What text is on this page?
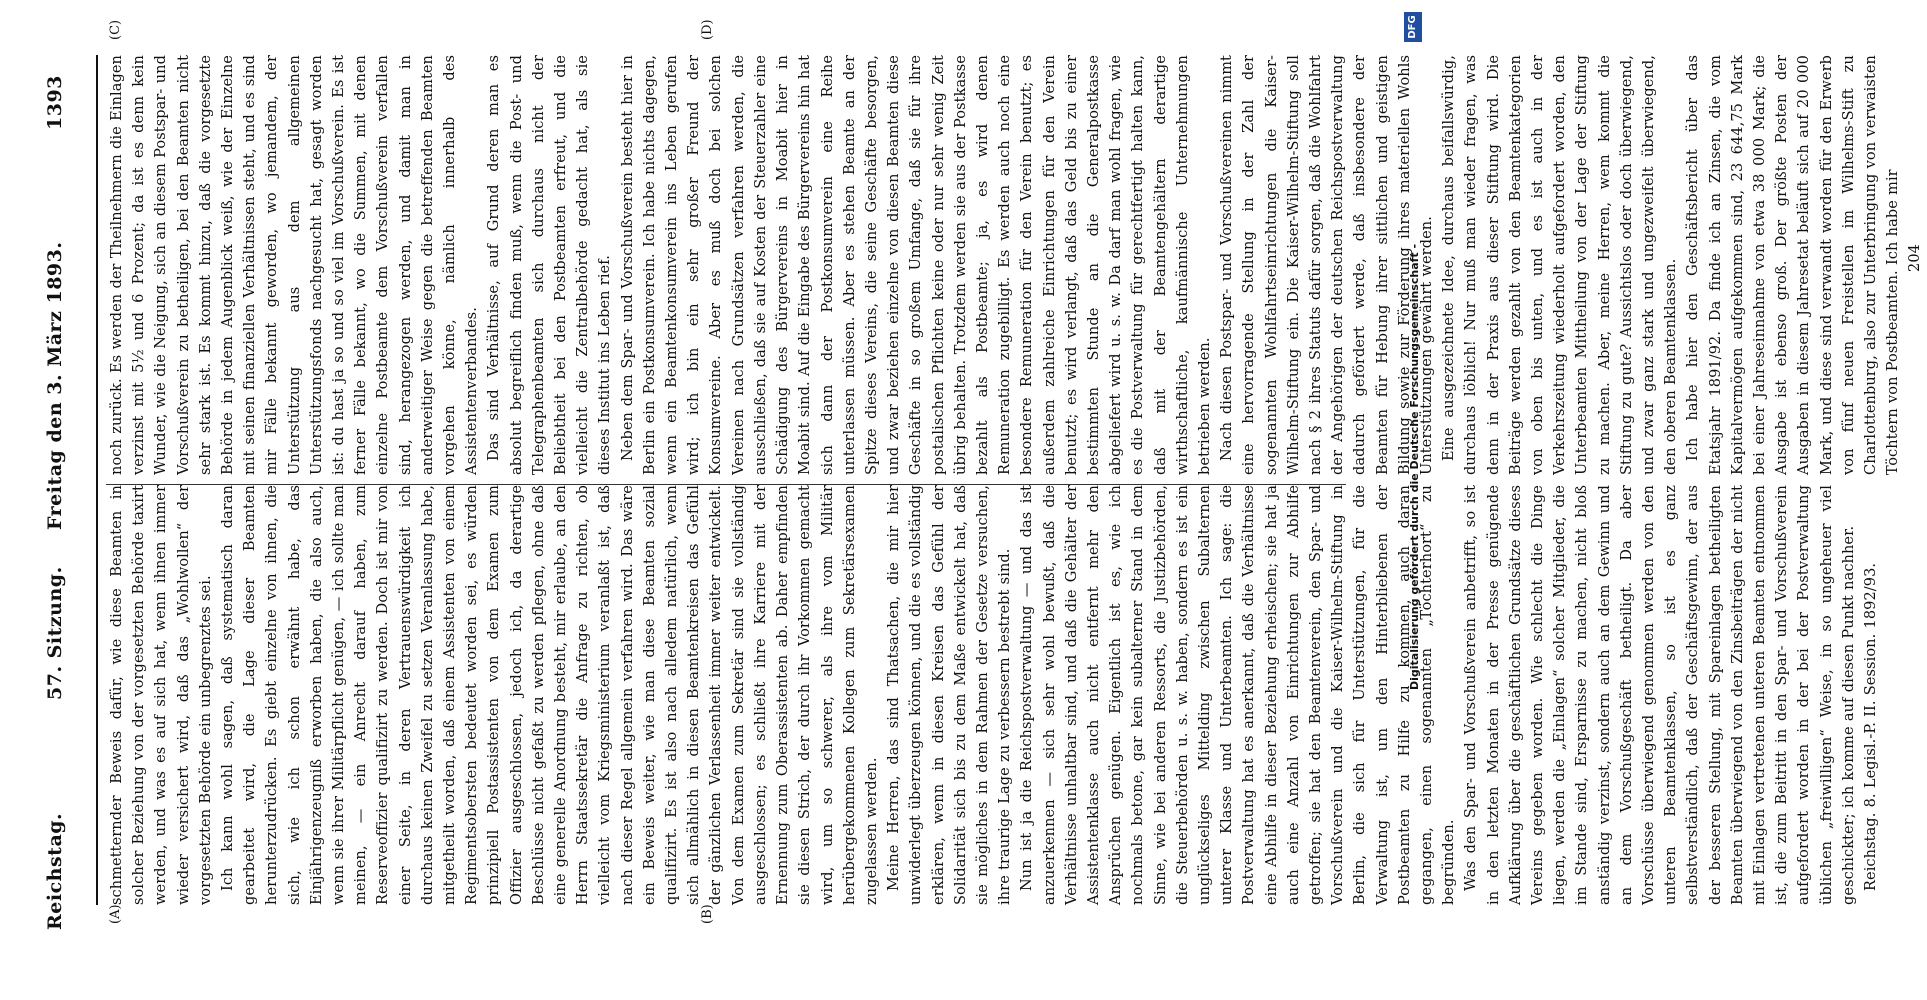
Reichstag.
57. Sitzung.
Freitag den 3. März 1893.
1393
(A)	(B)
(C)	(D)

schmetternder Beweis dafür, wie diese Beamten in solcher Beziehung von der vorgesetzten Behörde taxirt werden, und was es auf sich hat, wenn ihnen immer wieder versichert wird, daß das „Wohlwollen“ der vorgesetzten Behörde ein unbegrenztes sei. Ich kann wohl sagen, daß systematisch daran gearbeitet wird, die Lage dieser Beamten herunterzudrücken. Es giebt einzelne von ihnen, die sich, wie ich schon erwähnt habe, das Einjährigenzeugniß erworben haben, die also auch, wenn sie ihrer Militärpflicht genügen, — ich sollte man meinen, — ein Anrecht darauf haben, zum Reserveoffizier qualifizirt zu werden. Doch ist mir von einer Seite, in deren Vertrauenswürdigkeit ich durchaus keinen Zweifel zu setzen Veranlassung habe, mitgetheilt worden, daß einem Assistenten von einem Regimentsobersten bedeutet worden sei, es würden prinzipiell Postassistenten von dem Examen zum Offizier ausgeschlossen, jedoch ich, da derartige Beschlüsse nicht gefaßt zu werden pflegen, ohne daß eine generelle Anordnung besteht, mir erlaube, an den Herrn Staatssekretär die Anfrage zu richten, ob vielleicht vom Kriegsministerium veranlaßt ist, daß nach dieser Regel allgemein verfahren wird. Das wäre ein Beweis weiter, wie man diese Beamten sozial qualifizirt. Es ist also nach alledem natürlich, wenn sich allmählich in diesen Beamtenkreisen das Gefühl der gänzlichen Verlassenheit immer weiter entwickelt. Von dem Examen zum Sekretär sind sie vollständig ausgeschlossen; es schließt ihre Karriere mit der Ernennung zum Oberassistenten ab. Daher empfinden sie diesen Strich, der durch ihr Vorkommen gemacht wird, um so schwerer, als ihre vom Militär herübergekommenen Kollegen zum Sekretärsexamen zugelassen werden. Meine Herren, das sind Thatsachen, die mir hier unwiderlegt überzeugen können, und die es vollständig erklären, wenn in diesen Kreisen das Gefühl der Solidarität sich bis zu dem Maße entwickelt hat, daß sie mögliches in dem Rahmen der Gesetze versuchen, ihre traurige Lage zu verbessern bestrebt sind. Nun ist ja die Reichspostverwaltung — und das ist anzuerkennen — sich sehr wohl bewußt, daß die Verhältnisse unhaltbar sind, und daß die Gehälter der Assistentenklasse auch nicht entfernt mehr den Ansprüchen genügen. Eigentlich ist es, wie ich nochmals betone, gar kein subalterner Stand in dem Sinne, wie bei anderen Ressorts, die Justizbehörden, die Steuerbehörden u. s. w. haben, sondern es ist ein unglückseliges Mittelding zwischen Subalternen unterer Klasse und Unterbeamten. Ich sage: die Postverwaltung hat es anerkannt, daß die Verhältnisse eine Abhilfe in dieser Beziehung erheischen; sie hat ja auch eine Anzahl von Einrichtungen zur Abhilfe getroffen; sie hat den Beamtenverein, den Spar- und Vorschußverein und die Kaiser-Wilhelm-Stiftung in Berlin, die sich für Unterstützungen, für die Verwaltung ist, um den Hinterbliebenen der Postbeamten zu Hilfe zu kommen, auch daran gegangen, einen sogenannten „Töchterhort“ zu begründen. Was den Spar- und Vorschußverein anbetrifft, so ist in den letzten Monaten in der Presse genügende Aufklärung über die geschäftlichen Grundsätze dieses Vereins gegeben worden. Wie schlecht die Dinge liegen, werden die „Einlagen“ solcher Mitglieder, die im Stande sind, Ersparnisse zu machen, nicht bloß anständig verzinst, sondern auch an dem Gewinn und an dem Vorschußgeschäft betheiligt. Da aber Vorschüsse überwiegend genommen werden von den unteren Beamtenklassen, so ist es ganz selbstverständlich, daß der Geschäftsgewinn, der aus der besseren Stellung, mit Spareinlagen betheiligten Beamten überwiegend von den Zinsbeiträgen der nicht mit Einlagen vertretenen unteren Beamten entnommen ist, die zum Beitritt in den Spar- und Vorschußverein aufgefordert worden in der bei der Postverwaltung üblichen „freiwilligen“ Weise, in so ungeheuer viel geschickter; ich komme auf diesen Punkt nachher. Reichstag. 8. Legisl.-P. II. Session. 1892/93.

noch zurück. Es werden der Theilnehmern die Einlagen verzinst mit 5½ und 6 Prozent; da ist es denn kein Wunder, wie die Neigung, sich an diesem Postspar- und Vorschußverein zu betheiligen, bei den Beamten nicht sehr stark ist. Es kommt hinzu, daß die vorgesetzte Behörde in jedem Augenblick weiß, wie der Einzelne mit seinen finanziellen Verhältnissen steht, und es sind mir Fälle bekannt geworden, wo jemandem, der Unterstützung aus dem allgemeinen Unterstützungsfonds nachgesucht hat, gesagt worden ist: du hast ja so und so viel im Vorschußverein. Es ist ferner Fälle bekannt, wo die Summen, mit denen einzelne Postbeamte dem Vorschußverein verfallen sind, herangezogen werden, und damit man in anderweitiger Weise gegen die betreffenden Beamten vorgehen könne, nämlich innerhalb des Assistentenverbandes. Das sind Verhältnisse, auf Grund deren man es absolut begreiflich finden muß, wenn die Post- und Telegraphenbeamten sich durchaus nicht der Beliebtheit bei den Postbeamten erfreut, und die vielleicht die Zentralbehörde gedacht hat, als sie dieses Institut ins Leben rief. Neben dem Spar- und Vorschußverein besteht hier in Berlin ein Postkonsumverein. Ich habe nichts dagegen, wenn ein Beamtenkonsumverein ins Leben gerufen wird; ich bin ein sehr großer Freund der Konsumvereine. Aber es muß doch bei solchen Vereinen nach Grundsätzen verfahren werden, die ausschließen, daß sie auf Kosten der Steuerzahler eine Schädigung des Bürgervereins in Moabit hier in Moabit sind. Auf die Eingabe des Bürgervereins hin hat sich dann der Postkonsumverein eine Reihe unterlassen müssen. Aber es stehen Beamte an der Spitze dieses Vereins, die seine Geschäfte besorgen, und zwar beziehen einzelne von diesen Beamten diese Geschäfte in so großem Umfange, daß sie für ihre postalischen Pflichten keine oder nur sehr wenig Zeit übrig behalten. Trotzdem werden sie aus der Postkasse bezahlt als Postbeamte; ja, es wird denen Remuneration zugebilligt. Es werden auch noch eine besondere Remuneration für den Verein benutzt; es außerdem zahlreiche Einrichtungen für den Verein benutzt; es wird verlangt, daß das Geld bis zu einer bestimmten Stunde an die Generalpostkasse abgeliefert wird u. s. w. Da darf man wohl fragen, wie es die Postverwaltung für gerechtfertigt halten kann, daß mit der Beamtengehältern derartige wirthschaftliche, kaufmännische Unternehmungen betrieben werden. Nach diesen Postspar- und Vorschußvereinen nimmt eine hervorragende Stellung in der Zahl der sogenannten Wohlfahrtseinrichtungen die Kaiser-Wilhelm-Stiftung ein. Die Kaiser-Wilhelm-Stiftung soll nach § 2 ihres Statuts dafür sorgen, daß die Wohlfahrt der Angehörigen der deutschen Reichspostverwaltung dadurch gefördert werde, daß insbesondere der Beamten für Hebung ihrer sittlichen und geistigen Bildung sowie zur Förderung ihres materiellen Wohls Unterstützungen gewährt werden. Eine ausgezeichnete Idee, durchaus beifallswürdig, durchaus löblich! Nur muß man wieder fragen, was denn in der Praxis aus dieser Stiftung wird. Die Beiträge werden gezahlt von den Beamtenkategorien von oben bis unten, und es ist auch in der Verkehrszeitung wiederholt aufgefordert worden, den Unterbeamten Mittheilung von der Lage der Stiftung zu machen. Aber, meine Herren, wem kommt die Stiftung zu gute? Aussichtslos oder doch überwiegend, und zwar ganz stark und ungezweifelt überwiegend, den oberen Beamtenklassen. Ich habe hier den Geschäftsbericht über das Etatsjahr 1891/92. Da finde ich an Zinsen, die vom Kapitalvermögen aufgekommen sind, 23 644,75 Mark bei einer Jahreseinnahme von etwa 38 000 Mark; die Ausgabe ist ebenso groß. Der größte Posten der Ausgaben in diesem Jahresetat beläuft sich auf 20 000 Mark, und diese sind verwandt worden für den Erwerb von fünf neuen Freistellen im Wilhelms-Stift zu Charlottenburg, also zur Unterbringung von verwaisten Töchtern von Postbeamten. Ich habe mir 204

Digitalisierung gefördert durch die Deutsche Forschungsgemeinschaft -
DFG
